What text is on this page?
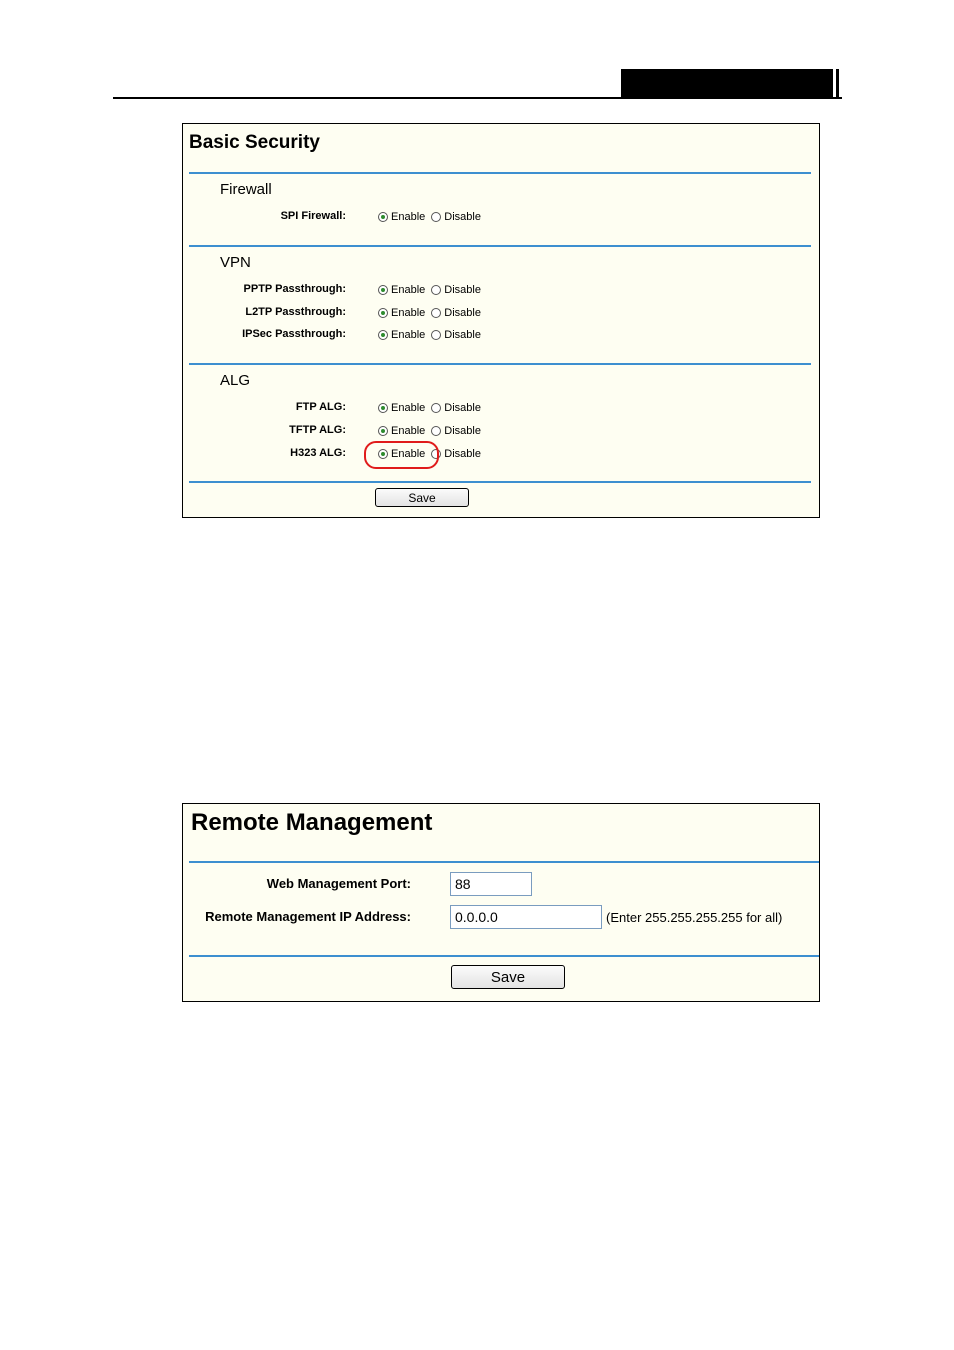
Basic Security
Firewall
SPI Firewall:	Enable Disable
VPN
PPTP Passthrough:	Enable Disable
L2TP Passthrough:	Enable Disable
IPSec Passthrough:	Enable Disable
ALG
FTP ALG:	Enable Disable
TFTP ALG:	Enable Disable
H323 ALG:	Enable Disable
Save
Remote Management
Web Management Port:
88
Remote Management IP Address:
0.0.0.0	(Enter 255.255.255.255 for all)
Save
